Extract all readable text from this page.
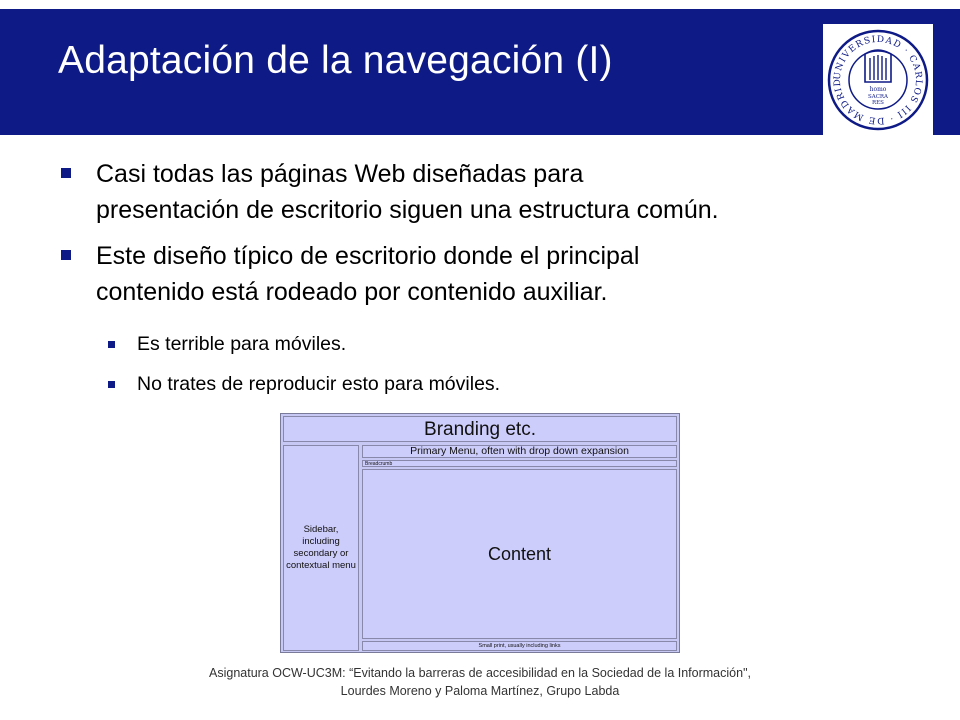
Adaptación de la navegación (I)	UNIVERSIDAD · CARLOS III · DE MADRID
homo
SACRA
RES
Casi todas las páginas Web diseñadas para
presentación de escritorio siguen una estructura común.
Este diseño típico de escritorio donde el principal
contenido está rodeado por contenido auxiliar.
Es terrible para móviles.
No trates de reproducir esto para móviles.
Branding etc.
Sidebar, including secondary or contextual menu
Primary Menu, often with drop down expansion
Breadcrumb
Content
Small print, usually including links
Asignatura OCW-UC3M: “Evitando la barreras de accesibilidad en la Sociedad de la Información",
Lourdes Moreno y Paloma Martínez, Grupo Labda
